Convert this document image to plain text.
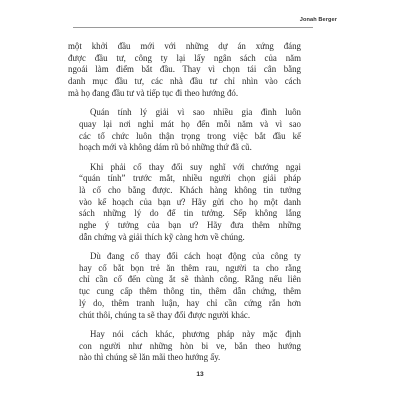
Jonah Berger
một khởi đầu mới với những dự án xứng đáng
được đầu tư, công ty lại lấy ngân sách của năm
ngoái làm điểm bắt đầu. Thay vì chọn tái cân bằng
danh mục đầu tư, các nhà đầu tư chỉ nhìn vào cách
mà họ đang đầu tư và tiếp tục đi theo hướng đó.
Quán tính lý giải vì sao nhiều gia đình luôn
quay lại nơi nghỉ mát họ đến mỗi năm và vì sao
các tổ chức luôn thận trọng trong việc bắt đầu kế
hoạch mới và không dám rũ bỏ những thứ đã cũ.
Khi phải cố thay đổi suy nghĩ với chướng ngại
“quán tính” trước mắt, nhiều người chọn giải pháp
là cố cho bằng được. Khách hàng không tin tưởng
vào kế hoạch của bạn ư? Hãy gửi cho họ một danh
sách những lý do để tin tưởng. Sếp không lắng
nghe ý tưởng của bạn ư? Hãy đưa thêm những
dẫn chứng và giải thích kỹ càng hơn về chúng.
Dù đang cố thay đổi cách hoạt động của công ty
hay cố bắt bọn trẻ ăn thêm rau, người ta cho rằng
chỉ cần cố đến cùng ắt sẽ thành công. Rằng nếu liên
tục cung cấp thêm thông tin, thêm dẫn chứng, thêm
lý do, thêm tranh luận, hay chỉ cần cứng rắn hơn
chút thôi, chúng ta sẽ thay đổi được người khác.
Hay nói cách khác, phương pháp này mặc định
con người như những hòn bi ve, bắn theo hướng
nào thì chúng sẽ lăn mãi theo hướng ấy.
13
